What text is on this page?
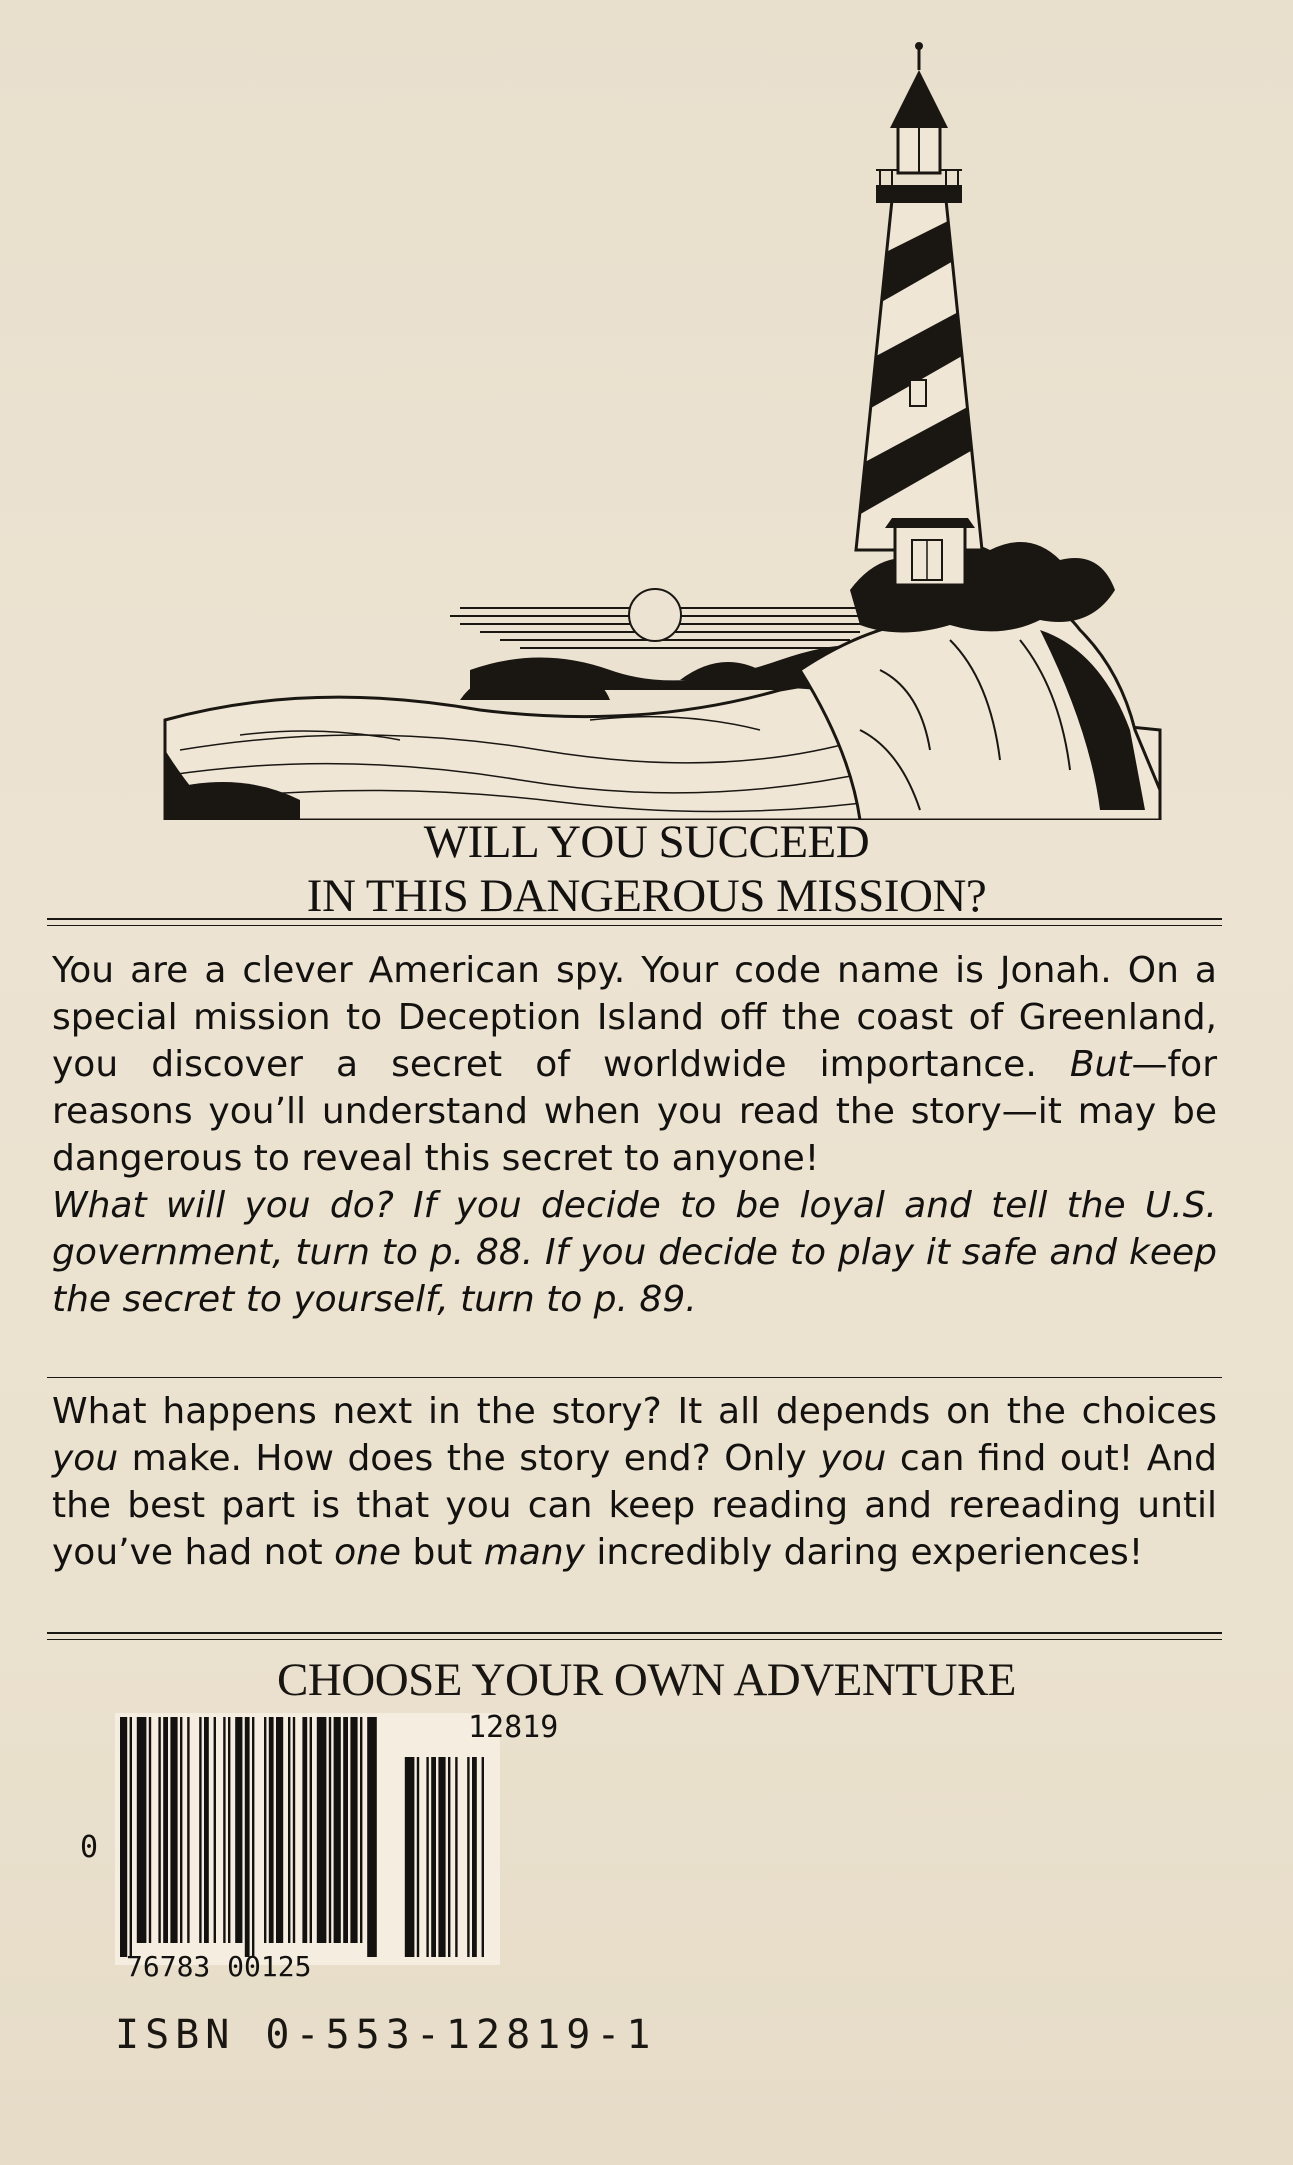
WILL YOU SUCCEED
IN THIS DANGEROUS MISSION?
You are a clever American spy. Your code name is Jonah. On a special mission to Deception Island off the coast of Greenland, you discover a secret of worldwide importance. But—for reasons you’ll understand when you read the story—it may be dangerous to reveal this secret to anyone!
What will you do? If you decide to be loyal and tell the U.S. government, turn to p. 88. If you decide to play it safe and keep the secret to yourself, turn to p. 89.
What happens next in the story? It all depends on the choices you make. How does the story end? Only you can find out! And the best part is that you can keep reading and rereading until you’ve had not one but many incredibly daring experiences!
CHOOSE YOUR OWN ADVENTURE
0
76783 00125
12819
ISBN 0-553-12819-1
